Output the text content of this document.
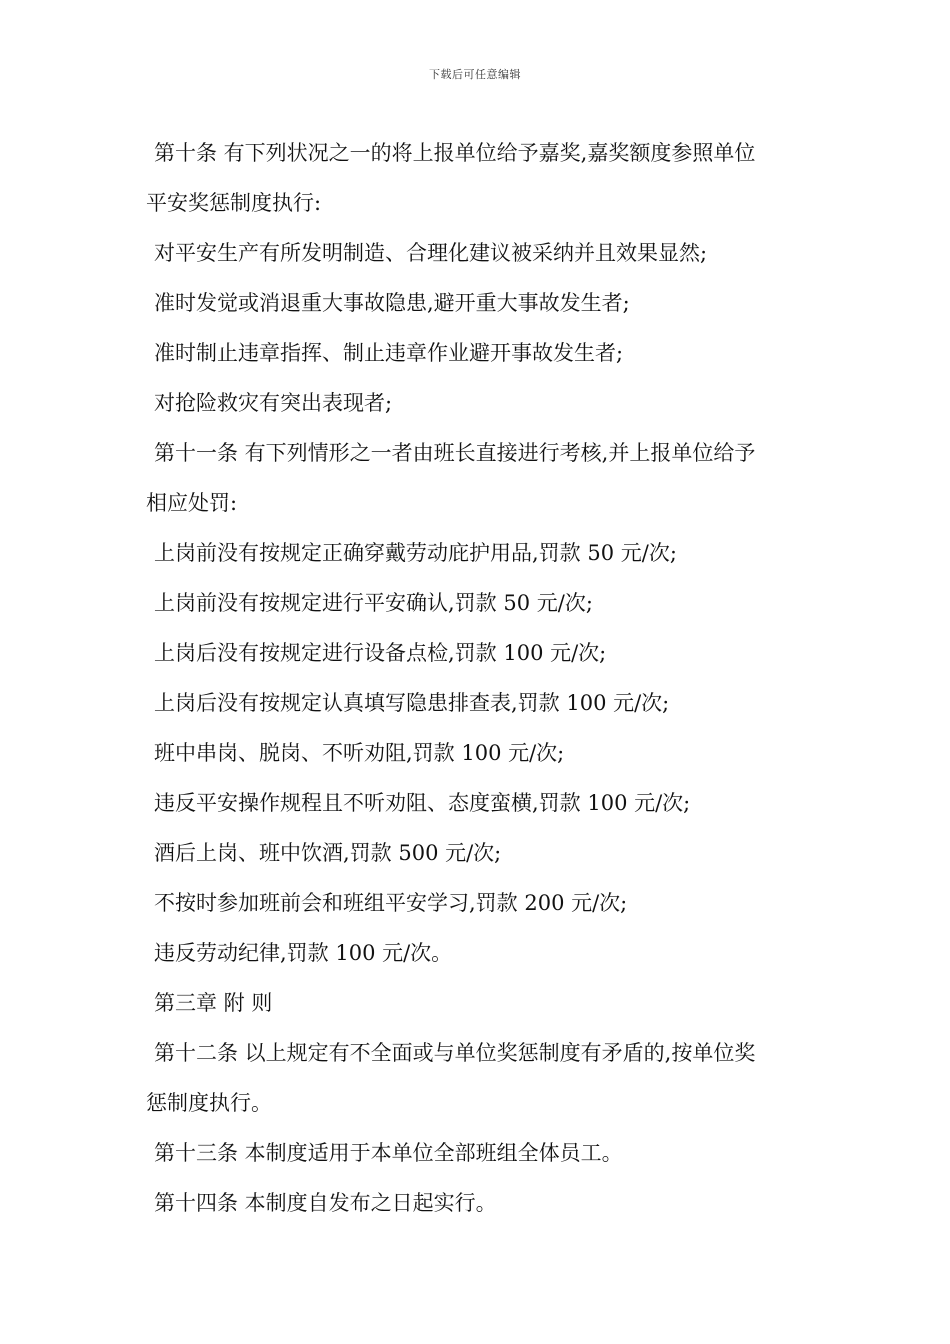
下载后可任意编辑
第十条 有下列状况之一的将上报单位给予嘉奖,嘉奖额度参照单位
平安奖惩制度执行:
对平安生产有所发明制造、合理化建议被采纳并且效果显然;
准时发觉或消退重大事故隐患,避开重大事故发生者;
准时制止违章指挥、制止违章作业避开事故发生者;
对抢险救灾有突出表现者;
第十一条 有下列情形之一者由班长直接进行考核,并上报单位给予
相应处罚:
上岗前没有按规定正确穿戴劳动庇护用品,罚款 50 元/次;
上岗前没有按规定进行平安确认,罚款 50 元/次;
上岗后没有按规定进行设备点检,罚款 100 元/次;
上岗后没有按规定认真填写隐患排查表,罚款 100 元/次;
班中串岗、脱岗、不听劝阻,罚款 100 元/次;
违反平安操作规程且不听劝阻、态度蛮横,罚款 100 元/次;
酒后上岗、班中饮酒,罚款 500 元/次;
不按时参加班前会和班组平安学习,罚款 200 元/次;
违反劳动纪律,罚款 100 元/次。
第三章 附 则
第十二条 以上规定有不全面或与单位奖惩制度有矛盾的,按单位奖
惩制度执行。
第十三条 本制度适用于本单位全部班组全体员工。
第十四条 本制度自发布之日起实行。
